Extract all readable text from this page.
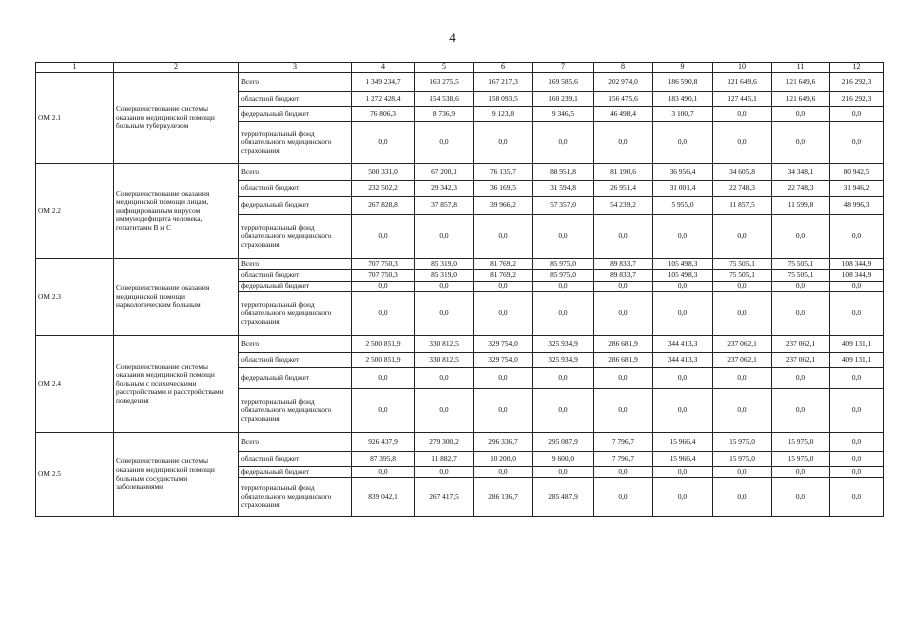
4
1	2	3	4	5	6	7	8	9	10	11	12
ОМ 2.1	Совершенствование системы оказания медицинской помощи больным туберкулезом	Всего	1 349 234,7	163 275,5	167 217,3	169 585,6	202 974,0	186 590,8	121 649,6	121 649,6	216 292,3
		областной бюджет	1 272 428,4	154 538,6	158 093,5	160 239,1	156 475,6	183 490,1	127 445,1	121 649,6	216 292,3
		федеральный бюджет	76 806,3	8 736,9	9 123,8	9 346,5	46 498,4	3 100,7	0,0	0,0	0,0
		территориальный фонд обязательного медицинского страхования	0,0	0,0	0,0	0,0	0,0	0,0	0,0	0,0	0,0
ОМ 2.2	Совершенствование оказания медицинской помощи лицам, инфицированным вирусом иммунодефицита человека, гепатитами В и С	Всего	500 331,0	67 200,1	76 135,7	88 951,8	81 190,6	36 956,4	34 605,8	34 348,1	80 942,5
		областной бюджет	232 502,2	29 342,3	36 169,5	31 594,8	26 951,4	31 001,4	22 748,3	22 748,3	31 946,2
		федеральный бюджет	267 828,8	37 857,8	39 966,2	57 357,0	54 239,2	5 955,0	11 857,5	11 599,8	48 996,3
		территориальный фонд обязательного медицинского страхования	0,0	0,0	0,0	0,0	0,0	0,0	0,0	0,0	0,0
ОМ 2.3	Совершенствование оказания медицинской помощи наркологическим больным	Всего	707 750,3	85 319,0	81 769,2	85 975,0	89 833,7	105 498,3	75 505,1	75 505,1	108 344,9
		областной бюджет	707 750,3	85 319,0	81 769,2	85 975,0	89 833,7	105 498,3	75 505,1	75 505,1	108 344,9
		федеральный бюджет	0,0	0,0	0,0	0,0	0,0	0,0	0,0	0,0	0,0
		территориальный фонд обязательного медицинского страхования	0,0	0,0	0,0	0,0	0,0	0,0	0,0	0,0	0,0
ОМ 2.4	Совершенствование системы оказания медицинской помощи больным с психическими расстройствами и расстройствами поведения	Всего	2 500 851,9	330 812,5	329 754,0	325 934,9	286 681,9	344 413,3	237 062,1	237 062,1	409 131,1
		областной бюджет	2 500 851,9	330 812,5	329 754,0	325 934,9	286 681,9	344 413,3	237 062,1	237 062,1	409 131,1
		федеральный бюджет	0,0	0,0	0,0	0,0	0,0	0,0	0,0	0,0	0,0
		территориальный фонд обязательного медицинского страхования	0,0	0,0	0,0	0,0	0,0	0,0	0,0	0,0	0,0
ОМ 2.5	Совершенствование системы оказания медицинской помощи больным сосудистыми заболеваниями	Всего	926 437,9	279 300,2	296 336,7	295 087,9	7 796,7	15 966,4	15 975,0	15 975,0	0,0
		областной бюджет	87 395,8	11 882,7	10 200,0	9 600,0	7 796,7	15 966,4	15 975,0	15 975,0	0,0
		федеральный бюджет	0,0	0,0	0,0	0,0	0,0	0,0	0,0	0,0	0,0
		территориальный фонд обязательного медицинского страхования	839 042,1	267 417,5	286 136,7	285 487,9	0,0	0,0	0,0	0,0	0,0
